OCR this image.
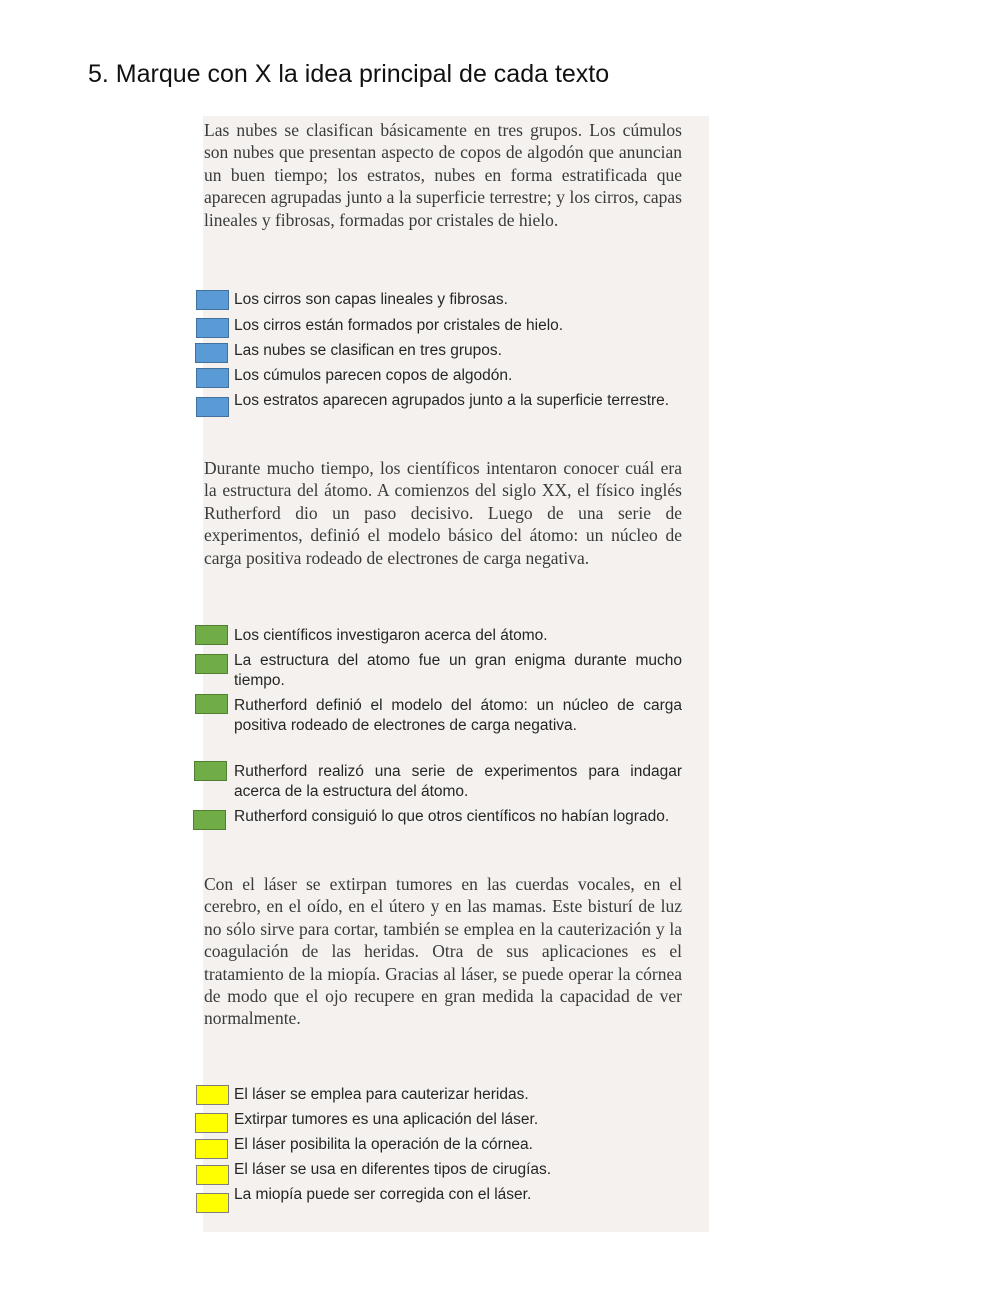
5. Marque con X la idea principal de cada texto
Las nubes se clasifican básicamente en tres grupos. Los cúmulos son nubes que presentan aspecto de copos de algodón que anuncian un buen tiempo; los estratos, nubes en forma estratificada que aparecen agrupadas junto a la superficie terrestre; y los cirros, capas lineales y fibrosas, formadas por cristales de hielo.
Los cirros son capas lineales y fibrosas.
Los cirros están formados por cristales de hielo.
Las nubes se clasifican en tres grupos.
Los cúmulos parecen copos de algodón.
Los estratos aparecen agrupados junto a la superficie terrestre.
Durante mucho tiempo, los científicos intentaron conocer cuál era la estructura del átomo. A comienzos del siglo XX, el físico inglés Rutherford dio un paso decisivo. Luego de una serie de experimentos, definió el modelo básico del átomo: un núcleo de carga positiva rodeado de electrones de carga negativa.
Los científicos investigaron acerca del átomo.
La estructura del atomo fue un gran enigma durante mucho tiempo.
Rutherford definió el modelo del átomo: un núcleo de carga positiva rodeado de electrones de carga negativa.
Rutherford realizó una serie de experimentos para indagar acerca de la estructura del átomo.
Rutherford consiguió lo que otros científicos no habían logrado.
Con el láser se extirpan tumores en las cuerdas vocales, en el cerebro, en el oído, en el útero y en las mamas. Este bisturí de luz no sólo sirve para cortar, también se emplea en la cauterización y la coagulación de las heridas. Otra de sus aplicaciones es el tratamiento de la miopía. Gracias al láser, se puede operar la córnea de modo que el ojo recupere en gran medida la capacidad de ver normalmente.
El láser se emplea para cauterizar heridas.
Extirpar tumores es una aplicación del láser.
El láser posibilita la operación de la córnea.
El láser se usa en diferentes tipos de cirugías.
La miopía puede ser corregida con el láser.
